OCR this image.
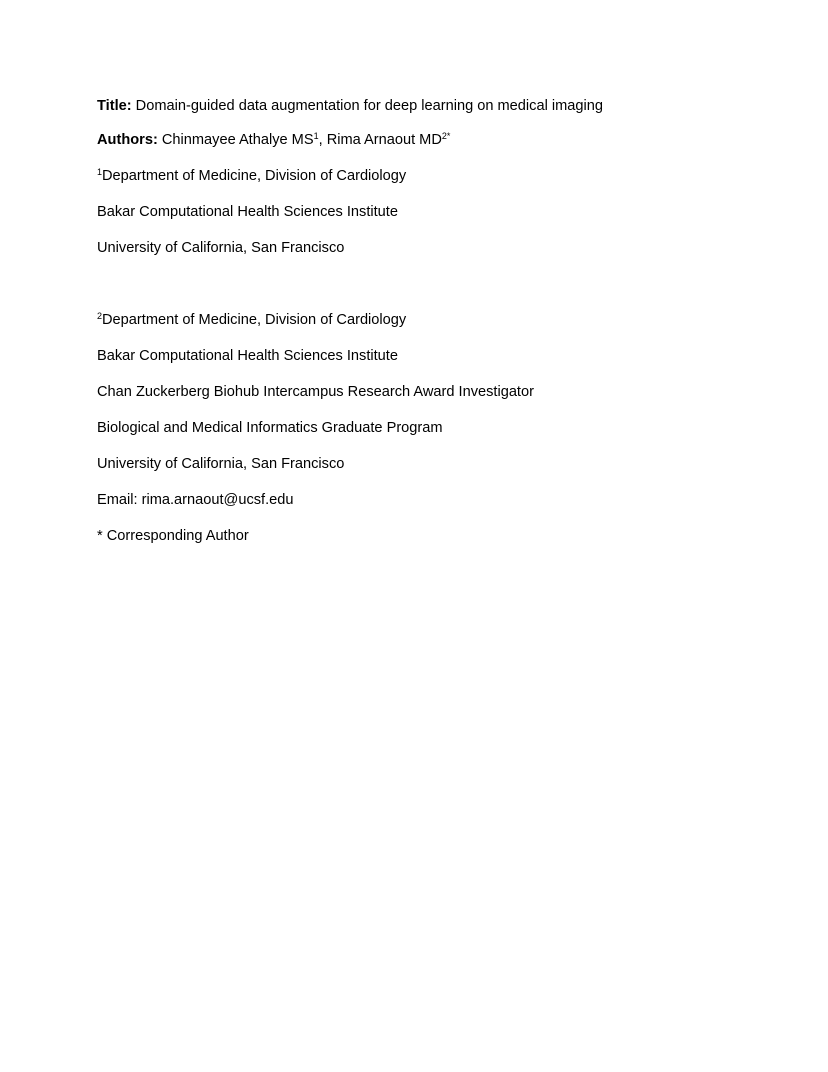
Title: Domain-guided data augmentation for deep learning on medical imaging
Authors: Chinmayee Athalye $MS^1$, Rima Arnaout $MD^{2*}$
$^1$Department of Medicine, Division of Cardiology
Bakar Computational Health Sciences Institute
University of California, San Francisco
$^2$Department of Medicine, Division of Cardiology
Bakar Computational Health Sciences Institute
Chan Zuckerberg Biohub Intercampus Research Award Investigator
Biological and Medical Informatics Graduate Program
University of California, San Francisco
Email: rima.arnaout@ucsf.edu
* Corresponding Author
